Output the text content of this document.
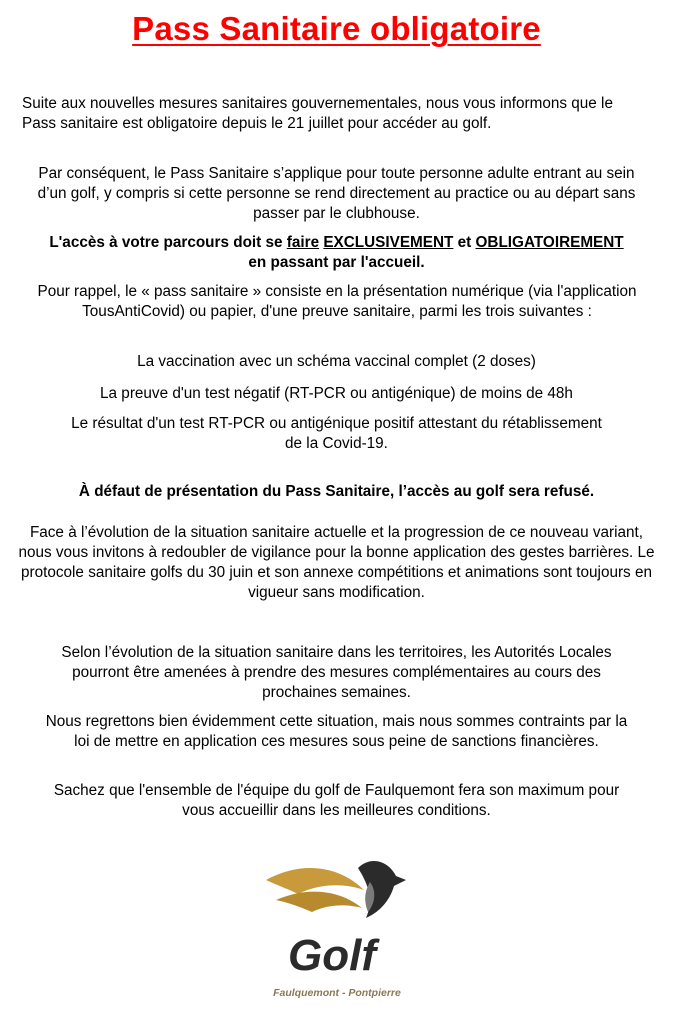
Pass Sanitaire obligatoire
Suite aux nouvelles mesures sanitaires gouvernementales, nous vous informons que le Pass sanitaire est obligatoire depuis le 21 juillet pour accéder au golf.
Par conséquent, le Pass Sanitaire s’applique pour toute personne adulte entrant au sein d’un golf, y compris si cette personne se rend directement au practice ou au départ sans passer par le clubhouse.
L'accès à votre parcours doit se faire EXCLUSIVEMENT et OBLIGATOIREMENT en passant par l'accueil.
Pour rappel, le « pass sanitaire » consiste en la présentation numérique (via l'application TousAntiCovid) ou papier, d'une preuve sanitaire, parmi les trois suivantes :
La vaccination avec un schéma vaccinal complet (2 doses)
La preuve d'un test négatif (RT-PCR ou antigénique) de moins de 48h
Le résultat d'un test RT-PCR ou antigénique positif attestant du rétablissement de la Covid-19.
À défaut de présentation du Pass Sanitaire, l’accès au golf sera refusé.
Face à l’évolution de la situation sanitaire actuelle et la progression de ce nouveau variant, nous vous invitons à redoubler de vigilance pour la bonne application des gestes barrières. Le protocole sanitaire golfs du 30 juin et son annexe compétitions et animations sont toujours en vigueur sans modification.
Selon l’évolution de la situation sanitaire dans les territoires, les Autorités Locales pourront être amenées à prendre des mesures complémentaires au cours des prochaines semaines.
Nous regrettons bien évidemment cette situation, mais nous sommes contraints par la loi de mettre en application ces mesures sous peine de sanctions financières.
Sachez que l'ensemble de l'équipe du golf de Faulquemont fera son maximum pour vous accueillir dans les meilleures conditions.
Golf
Faulquemont - Pontpierre
